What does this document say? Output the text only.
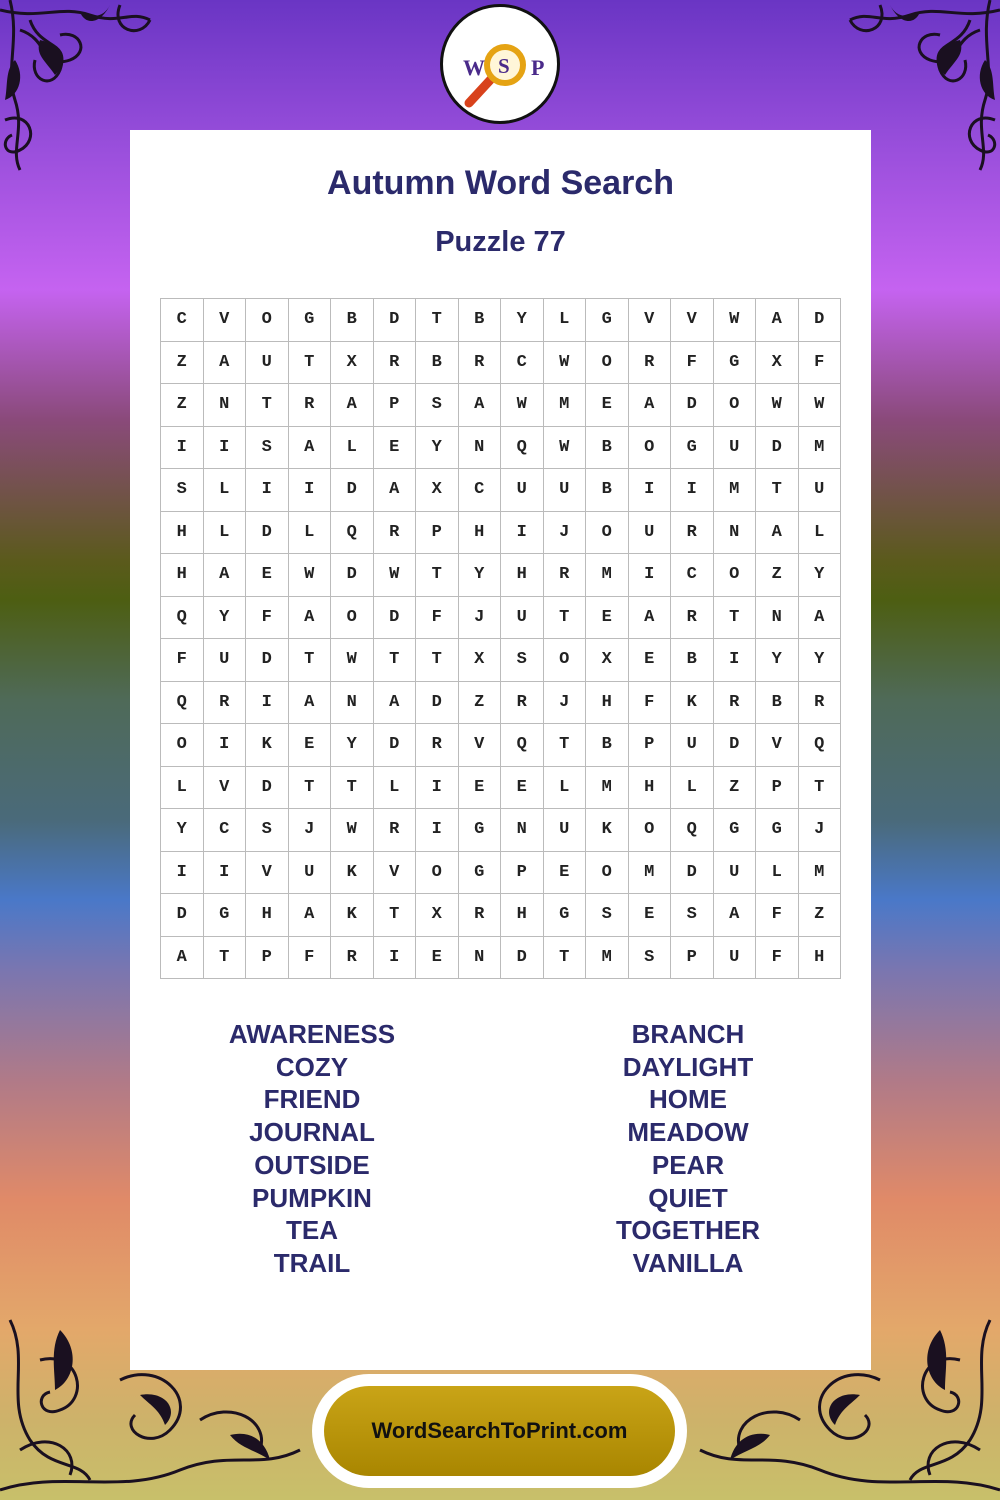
W S P
Autumn Word Search
Puzzle 77
C	V	O	G	B	D	T	B	Y	L	G	V	V	W	A	D
Z	A	U	T	X	R	B	R	C	W	O	R	F	G	X	F
Z	N	T	R	A	P	S	A	W	M	E	A	D	O	W	W
I	I	S	A	L	E	Y	N	Q	W	B	O	G	U	D	M
S	L	I	I	D	A	X	C	U	U	B	I	I	M	T	U
H	L	D	L	Q	R	P	H	I	J	O	U	R	N	A	L
H	A	E	W	D	W	T	Y	H	R	M	I	C	O	Z	Y
Q	Y	F	A	O	D	F	J	U	T	E	A	R	T	N	A
F	U	D	T	W	T	T	X	S	O	X	E	B	I	Y	Y
Q	R	I	A	N	A	D	Z	R	J	H	F	K	R	B	R
O	I	K	E	Y	D	R	V	Q	T	B	P	U	D	V	Q
L	V	D	T	T	L	I	E	E	L	M	H	L	Z	P	T
Y	C	S	J	W	R	I	G	N	U	K	O	Q	G	G	J
I	I	V	U	K	V	O	G	P	E	O	M	D	U	L	M
D	G	H	A	K	T	X	R	H	G	S	E	S	A	F	Z
A	T	P	F	R	I	E	N	D	T	M	S	P	U	F	H
AWARENESS
COZY
FRIEND
JOURNAL
OUTSIDE
PUMPKIN
TEA
TRAIL
BRANCH
DAYLIGHT
HOME
MEADOW
PEAR
QUIET
TOGETHER
VANILLA
WordSearchToPrint.com
